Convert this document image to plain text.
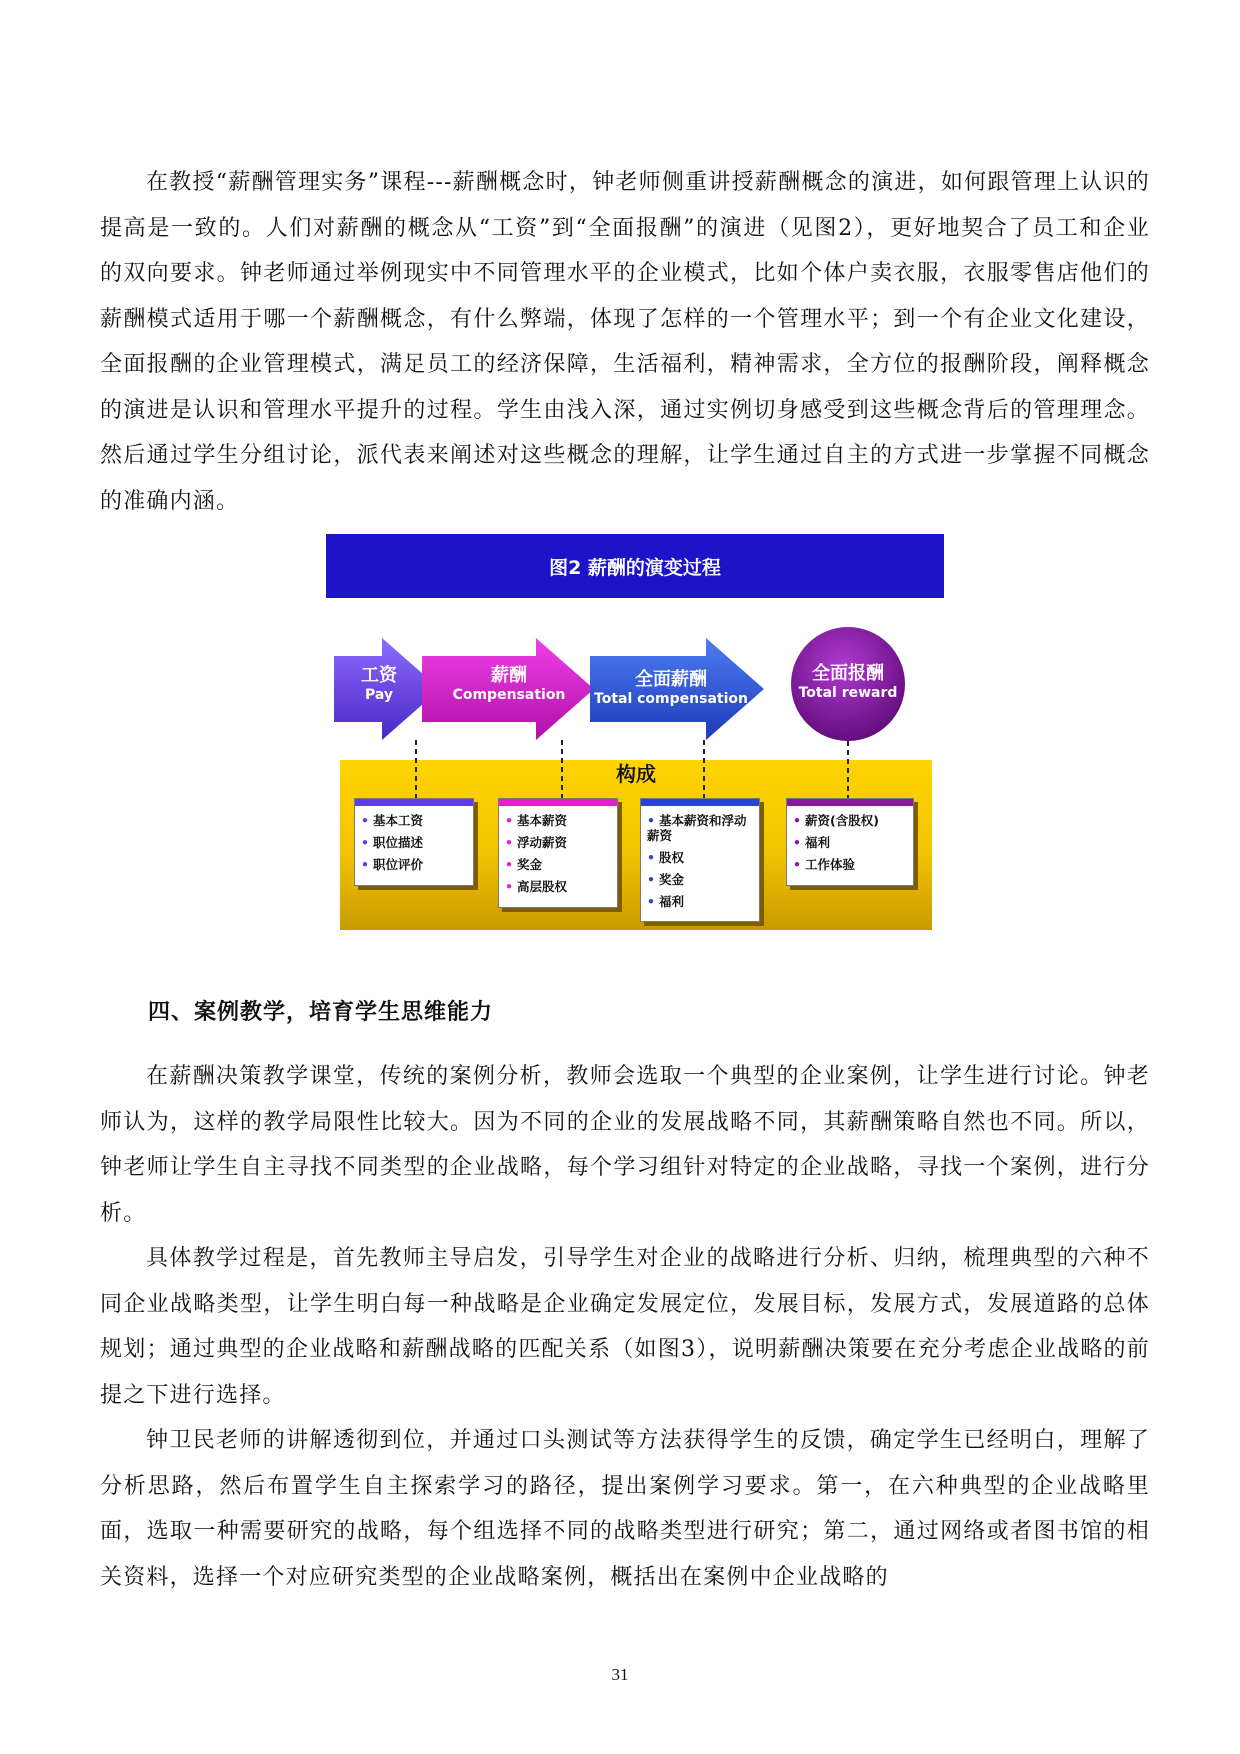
在教授“薪酬管理实务”课程---薪酬概念时，钟老师侧重讲授薪酬概念的演进，如何跟管理上认识的提高是一致的。人们对薪酬的概念从“工资”到“全面报酬”的演进（见图2），更好地契合了员工和企业的双向要求。钟老师通过举例现实中不同管理水平的企业模式，比如个体户卖衣服，衣服零售店他们的薪酬模式适用于哪一个薪酬概念，有什么弊端，体现了怎样的一个管理水平；到一个有企业文化建设，全面报酬的企业管理模式，满足员工的经济保障，生活福利，精神需求，全方位的报酬阶段，阐释概念的演进是认识和管理水平提升的过程。学生由浅入深，通过实例切身感受到这些概念背后的管理理念。然后通过学生分组讨论，派代表来阐述对这些概念的理解，让学生通过自主的方式进一步掌握不同概念的准确内涵。

图2 薪酬的演变过程
工资
Pay
薪酬
Compensation
全面薪酬
Total compensation
全面报酬
Total reward
构成
• 基本工资
• 职位描述
• 职位评价
• 基本薪资
• 浮动薪资
• 奖金
• 高层股权
• 基本薪资和浮动薪资
• 股权
• 奖金
• 福利
• 薪资(含股权)
• 福利
• 工作体验
四、案例教学，培育学生思维能力

在薪酬决策教学课堂，传统的案例分析，教师会选取一个典型的企业案例，让学生进行讨论。钟老师认为，这样的教学局限性比较大。因为不同的企业的发展战略不同，其薪酬策略自然也不同。所以，钟老师让学生自主寻找不同类型的企业战略，每个学习组针对特定的企业战略，寻找一个案例，进行分析。

具体教学过程是，首先教师主导启发，引导学生对企业的战略进行分析、归纳，梳理典型的六种不同企业战略类型，让学生明白每一种战略是企业确定发展定位，发展目标，发展方式，发展道路的总体规划；通过典型的企业战略和薪酬战略的匹配关系（如图3），说明薪酬决策要在充分考虑企业战略的前提之下进行选择。

钟卫民老师的讲解透彻到位，并通过口头测试等方法获得学生的反馈，确定学生已经明白，理解了分析思路，然后布置学生自主探索学习的路径，提出案例学习要求。第一，在六种典型的企业战略里面，选取一种需要研究的战略，每个组选择不同的战略类型进行研究；第二，通过网络或者图书馆的相关资料，选择一个对应研究类型的企业战略案例，概括出在案例中企业战略的

31
